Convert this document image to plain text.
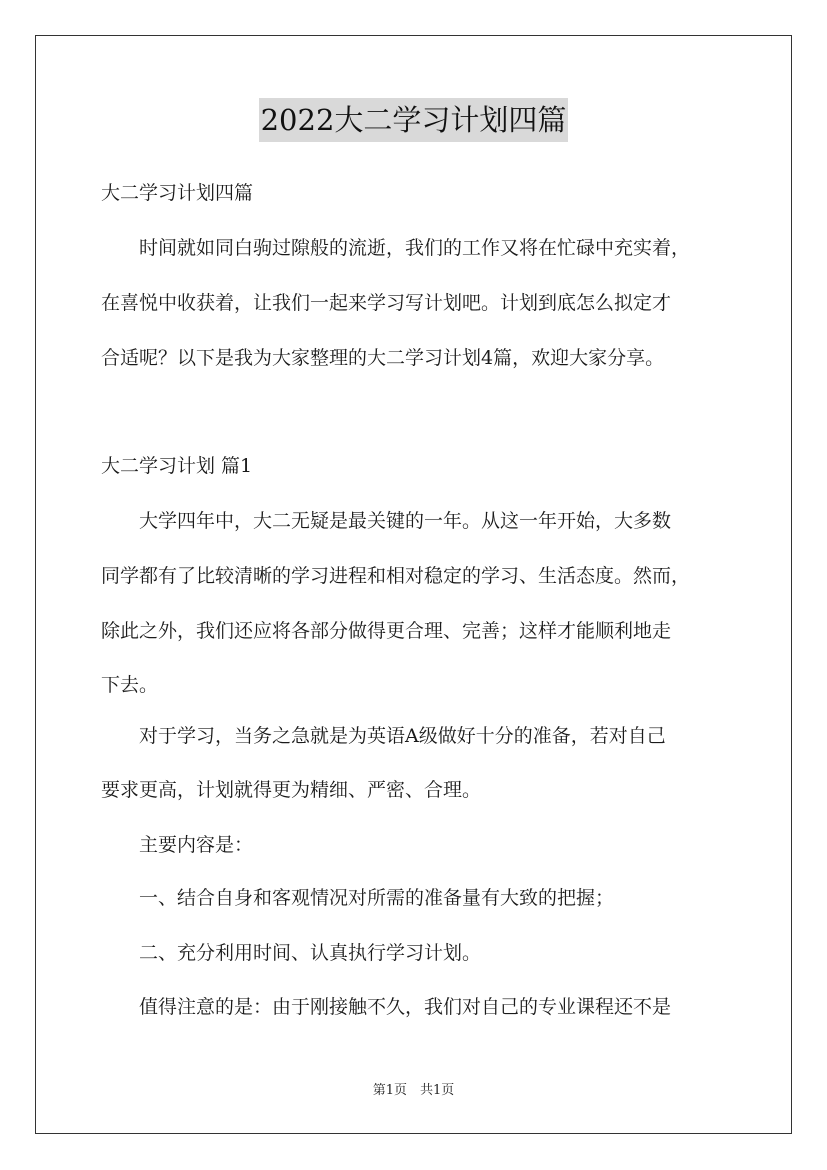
2022大二学习计划四篇
大二学习计划四篇
　　时间就如同白驹过隙般的流逝，我们的工作又将在忙碌中充实着，
在喜悦中收获着，让我们一起来学习写计划吧。计划到底怎么拟定才
合适呢？以下是我为大家整理的大二学习计划4篇，欢迎大家分享。
大二学习计划 篇1
　　大学四年中，大二无疑是最关键的一年。从这一年开始，大多数
同学都有了比较清晰的学习进程和相对稳定的学习、生活态度。然而，
除此之外，我们还应将各部分做得更合理、完善；这样才能顺利地走
下去。
　　对于学习，当务之急就是为英语A级做好十分的准备，若对自己
要求更高，计划就得更为精细、严密、合理。
　　主要内容是：
　　一、结合自身和客观情况对所需的准备量有大致的把握；
　　二、充分利用时间、认真执行学习计划。
　　值得注意的是：由于刚接触不久，我们对自己的专业课程还不是
第1页　共1页
